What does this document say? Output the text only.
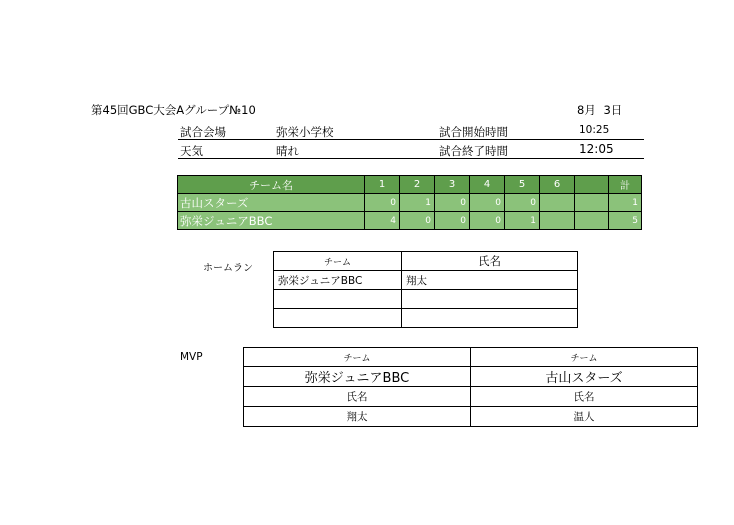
第45回GBC大会Aグループ№10	8月 3日
試合会場	弥栄小学校	試合開始時間	10:25
天気	晴れ	試合終了時間	12:05
チーム名	1	2	3	4	5	6		計
古山スターズ	0	1	0	0	0			1
弥栄ジュニアBBC	4	0	0	0	1			5
ホームラン
チーム	氏名
弥栄ジュニアBBC	翔太

MVP	チーム	チーム
弥栄ジュニアBBC	古山スターズ
氏名	氏名
翔太	温人
